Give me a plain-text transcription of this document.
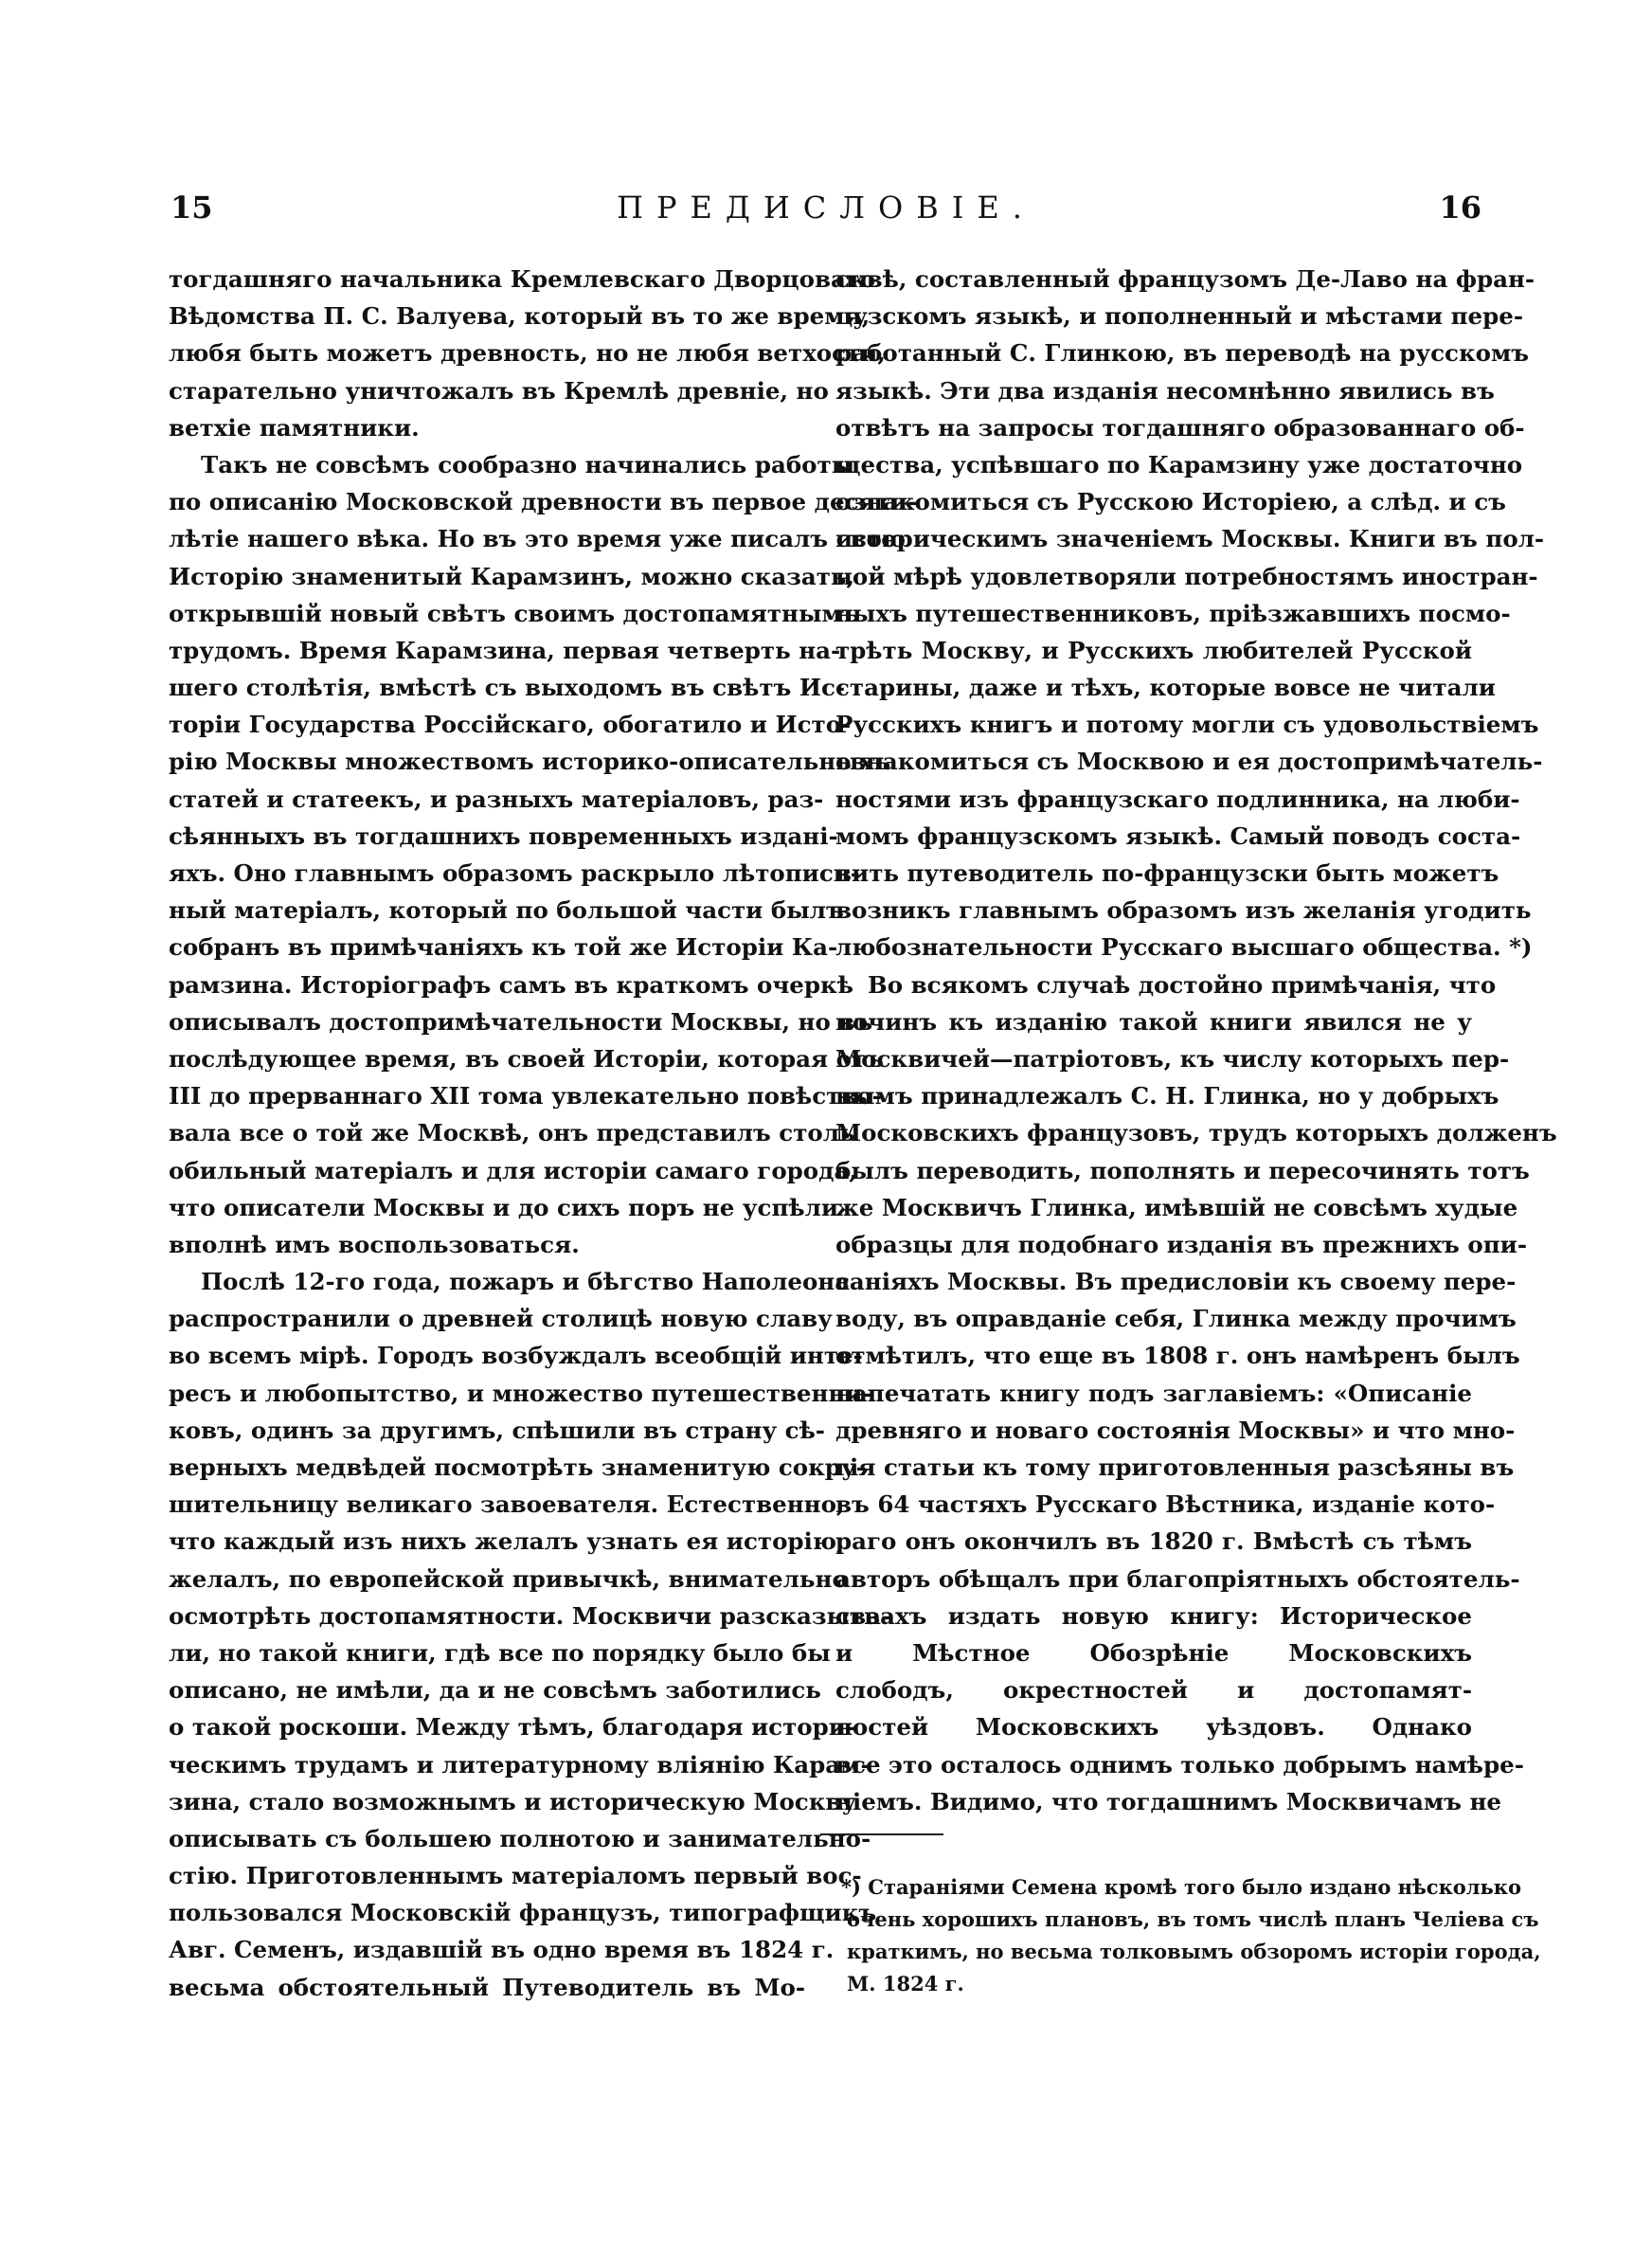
15	ПРЕДИСЛОВІЕ.	16
тогдашняго начальника Кремлевскаго Дворцоваго
Вѣдомства П. С. Валуева, который въ то же время,
любя быть можетъ древность, но не любя ветхости,
старательно уничтожалъ въ Кремлѣ древніе, но
ветхіе памятники.
Такъ не совсѣмъ сообразно начинались работы
по описанію Московской древности въ первое десяти-
лѣтіе нашего вѣка. Но въ это время уже писалъ свою
Исторію знаменитый Карамзинъ, можно сказать,
открывшій новый свѣтъ своимъ достопамятнымъ
трудомъ. Время Карамзина, первая четверть на-
шего столѣтія, вмѣстѣ съ выходомъ въ свѣтъ Ис-
торіи Государства Россійскаго, обогатило и Исто-
рію Москвы множествомъ историко-описательныхъ
статей и статеекъ, и разныхъ матеріаловъ, раз-
сѣянныхъ въ тогдашнихъ повременныхъ издані-
яхъ. Оно главнымъ образомъ раскрыло лѣтописн-
ный матеріалъ, который по большой части былъ
собранъ въ примѣчаніяхъ къ той же Исторіи Ка-
рамзина. Исторіографъ самъ въ краткомъ очеркѣ
описывалъ достопримѣчательности Москвы, но въ
послѣдующее время, въ своей Исторіи, которая отъ
III до прерваннаго XII тома увлекательно повѣство-
вала все о той же Москвѣ, онъ представилъ столь
обильный матеріалъ и для исторіи самаго города,
что описатели Москвы и до сихъ поръ не успѣли
вполнѣ имъ воспользоваться.
Послѣ 12-го года, пожаръ и бѣгство Наполеона
распространили о древней столицѣ новую славу
во всемъ мірѣ. Городъ возбуждалъ всеобщій инте-
ресъ и любопытство, и множество путешественни-
ковъ, одинъ за другимъ, спѣшили въ страну сѣ-
верныхъ медвѣдей посмотрѣть знаменитую сокру-
шительницу великаго завоевателя. Естественно,
что каждый изъ нихъ желалъ узнать ея исторію,
желалъ, по европейской привычкѣ, внимательно
осмотрѣть достопамятности. Москвичи разсказыва-
ли, но такой книги, гдѣ все по порядку было бы
описано, не имѣли, да и не совсѣмъ заботились
о такой роскоши. Между тѣмъ, благодаря истори-
ческимъ трудамъ и литературному вліянію Карам-
зина, стало возможнымъ и историческую Москву
описывать съ большею полнотою и занимательно-
стію. Приготовленнымъ матеріаломъ первый вос-
пользовался Московскій французъ, типографщикъ
Авг. Семенъ, издавшій въ одно время въ 1824 г.
весьма обстоятельный Путеводитель въ Мо-
сквѣ, составленный французомъ Де-Лаво на фран-
цузскомъ языкѣ, и пополненный и мѣстами пере-
работанный С. Глинкою, въ переводѣ на русскомъ
языкѣ. Эти два изданія несомнѣнно явились въ
отвѣтъ на запросы тогдашняго образованнаго об-
щества, успѣвшаго по Карамзину уже достаточно
ознакомиться съ Русскою Исторіею, а слѣд. и съ
историческимъ значеніемъ Москвы. Книги въ пол-
ной мѣрѣ удовлетворяли потребностямъ иностран-
ныхъ путешественниковъ, пріѣзжавшихъ посмо-
трѣть Москву, и Русскихъ любителей Русской
старины, даже и тѣхъ, которые вовсе не читали
Русскихъ книгъ и потому могли съ удовольствіемъ
ознакомиться съ Москвою и ея достопримѣчатель-
ностями изъ французскаго подлинника, на люби-
момъ французскомъ языкѣ. Самый поводъ соста-
вить путеводитель по-французски быть можетъ
возникъ главнымъ образомъ изъ желанія угодить
любознательности Русскаго высшаго общества. *)
Во всякомъ случаѣ достойно примѣчанія, что
починъ къ изданію такой книги явился не у
Москвичей—патріотовъ, къ числу которыхъ пер-
вымъ принадлежалъ С. Н. Глинка, но у добрыхъ
Московскихъ французовъ, трудъ которыхъ долженъ
былъ переводить, пополнять и пересочинять тотъ
же Москвичъ Глинка, имѣвшій не совсѣмъ худые
образцы для подобнаго изданія въ прежнихъ опи-
саніяхъ Москвы. Въ предисловіи къ своему пере-
воду, въ оправданіе себя, Глинка между прочимъ
отмѣтилъ, что еще въ 1808 г. онъ намѣренъ былъ
напечатать книгу подъ заглавіемъ: «Описаніе
древняго и новаго состоянія Москвы» и что мно-
гія статьи къ тому приготовленныя разсѣяны въ
въ 64 частяхъ Русскаго Вѣстника, изданіе кото-
раго онъ окончилъ въ 1820 г. Вмѣстѣ съ тѣмъ
авторъ обѣщалъ при благопріятныхъ обстоятель-
ствахъ издать новую книгу: Историческое
и Мѣстное Обозрѣніе Московскихъ
слободъ, окрестностей и достопамят-
ностей Московскихъ уѣздовъ. Однако
все это осталось однимъ только добрымъ намѣре-
ніемъ. Видимо, что тогдашнимъ Москвичамъ не
*) Стараніями Семена кромѣ того было издано нѣсколько
очень хорошихъ плановъ, въ томъ числѣ планъ Челіева съ
краткимъ, но весьма толковымъ обзоромъ исторіи города,
М. 1824 г.
